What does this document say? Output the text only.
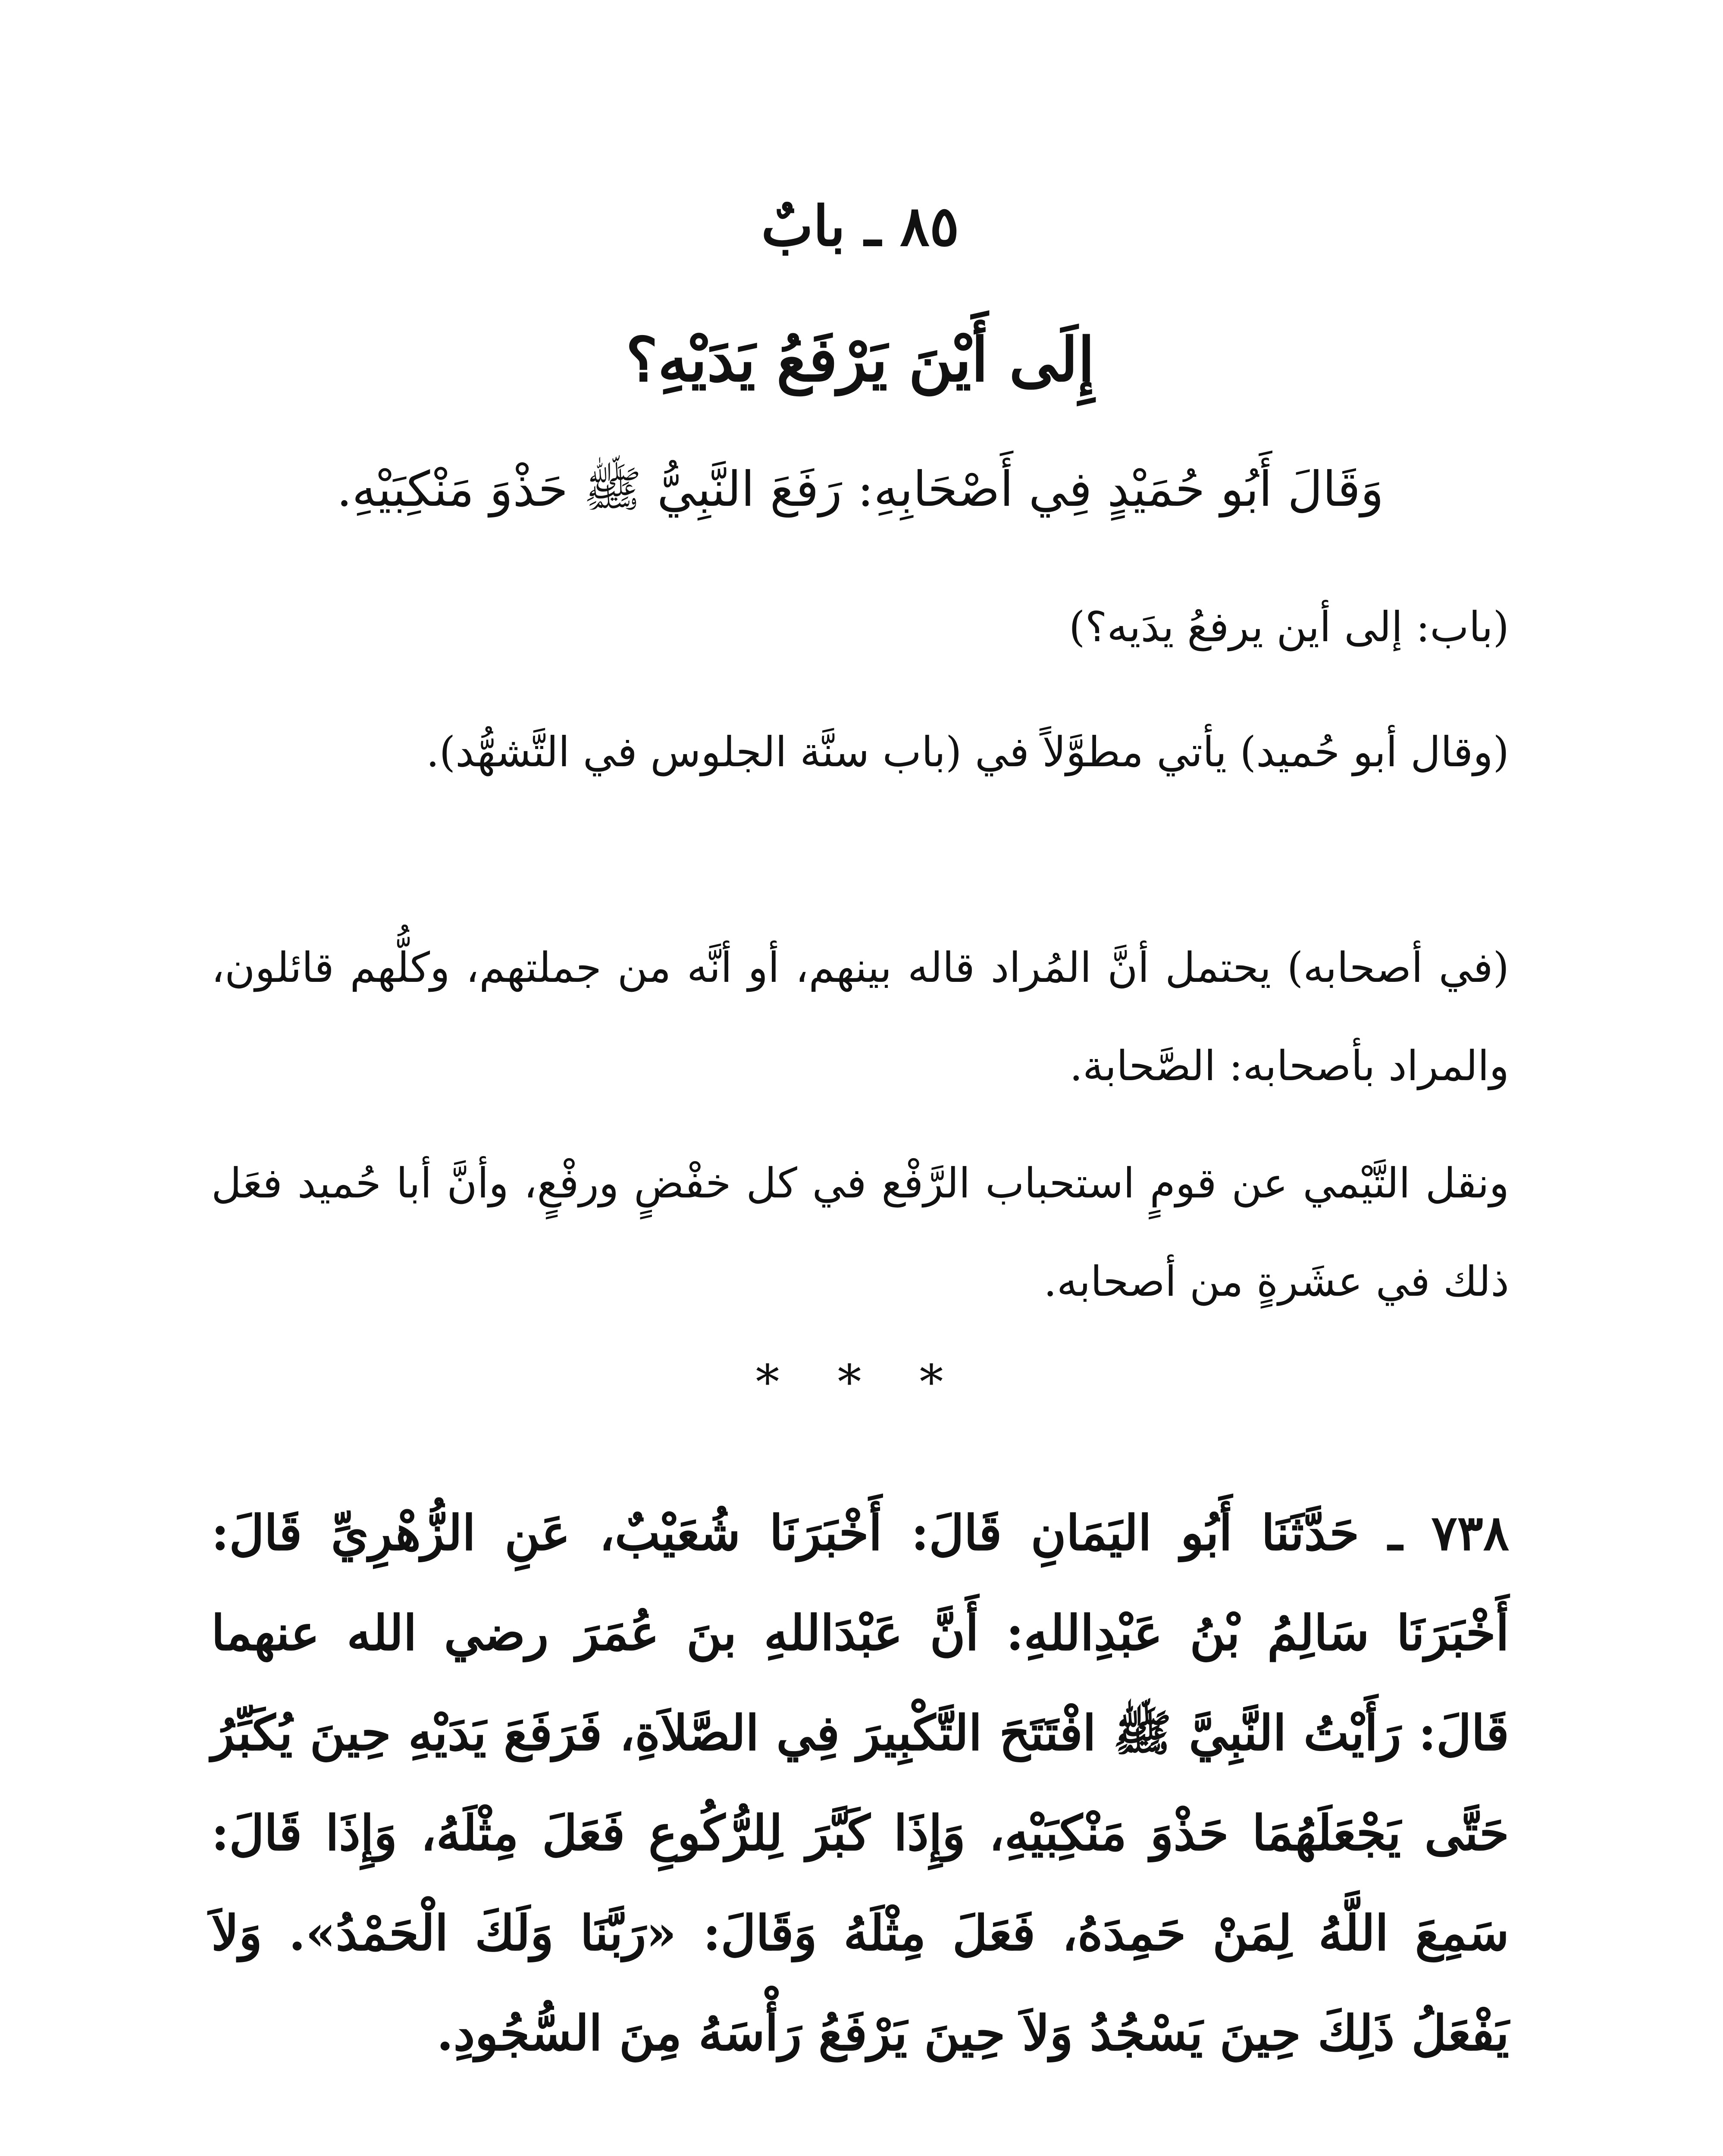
٨٥ ـ بابٌ
إِلَى أَيْنَ يَرْفَعُ يَدَيْهِ؟
وَقَالَ أَبُو حُمَيْدٍ فِي أَصْحَابِهِ: رَفَعَ النَّبِيُّ ﷺ حَذْوَ مَنْكِبَيْهِ.
(باب: إلى أين يرفعُ يدَيه؟)
(وقال أبو حُميد) يأتي مطوَّلاً في (باب سنَّة الجلوس في التَّشهُّد).
(في أصحابه) يحتمل أنَّ المُراد قاله بينهم، أو أنَّه من جملتهم، وكلُّهم قائلون، والمراد بأصحابه: الصَّحابة.
ونقل التَّيْمي عن قومٍ استحباب الرَّفْع في كل خفْضٍ ورفْعٍ، وأنَّ أبا حُميد فعَل ذلك في عشَرةٍ من أصحابه.
* * *
٧٣٨ ـ حَدَّثَنَا أَبُو اليَمَانِ قَالَ: أَخْبَرَنَا شُعَيْبٌ، عَنِ الزُّهْرِيِّ قَالَ: أَخْبَرَنَا سَالِمُ بْنُ عَبْدِاللهِ: أَنَّ عَبْدَاللهِ بنَ عُمَرَ رضي الله عنهما قَالَ: رَأَيْتُ النَّبِيَّ ﷺ افْتَتَحَ التَّكْبِيرَ فِي الصَّلاَةِ، فَرَفَعَ يَدَيْهِ حِينَ يُكَبِّرُ حَتَّى يَجْعَلَهُمَا حَذْوَ مَنْكِبَيْهِ، وَإِذَا كَبَّرَ لِلرُّكُوعِ فَعَلَ مِثْلَهُ، وَإِذَا قَالَ: سَمِعَ اللَّهُ لِمَنْ حَمِدَهُ، فَعَلَ مِثْلَهُ وَقَالَ: «رَبَّنَا وَلَكَ الْحَمْدُ». وَلاَ يَفْعَلُ ذَلِكَ حِينَ يَسْجُدُ وَلاَ حِينَ يَرْفَعُ رَأْسَهُ مِنَ السُّجُودِ.
